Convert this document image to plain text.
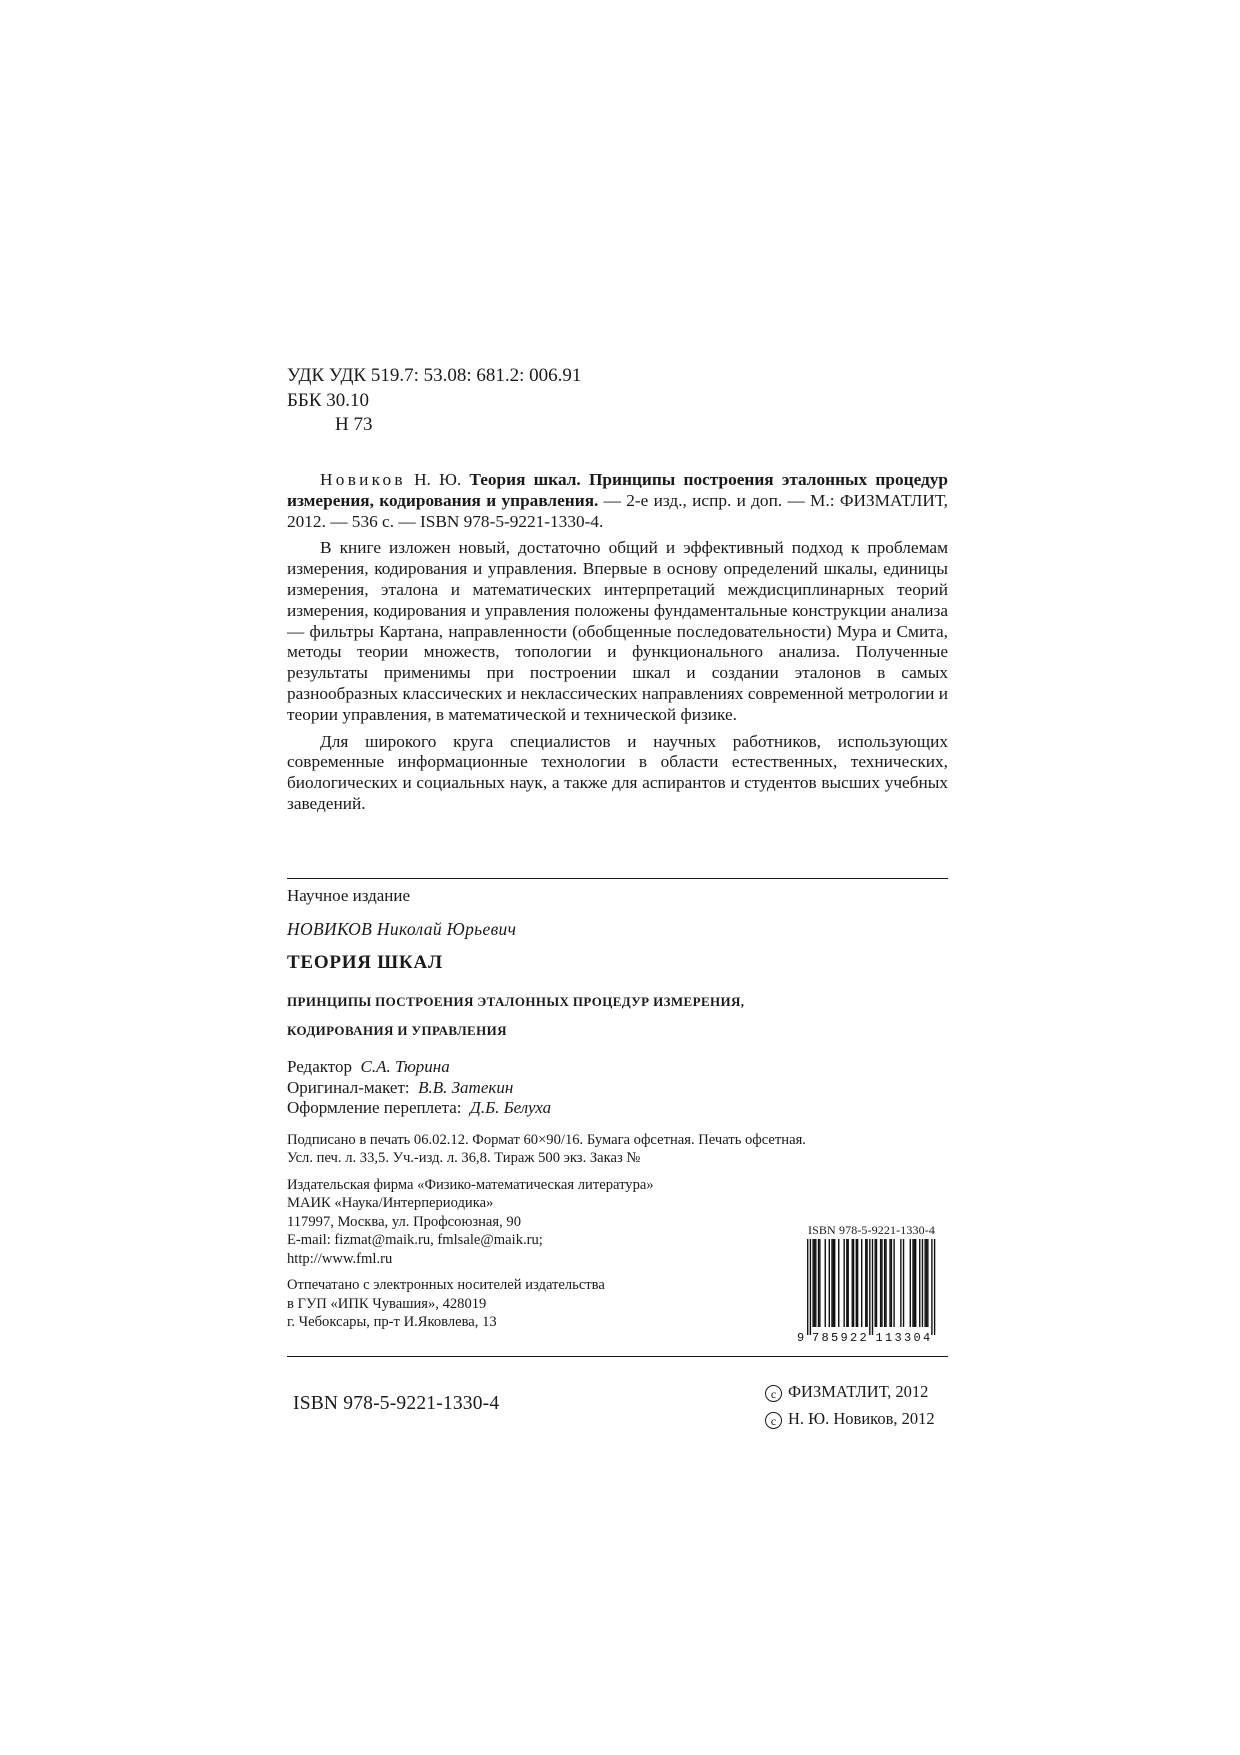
УДК УДК 519.7: 53.08: 681.2: 006.91
ББК 30.10
Н 73

Новиков Н. Ю. Теория шкал. Принципы построения эталонных процедур измерения, кодирования и управления. — 2-е изд., испр. и доп. — М.: ФИЗМАТЛИТ, 2012. — 536 с. — ISBN 978-5-9221-1330-4.

В книге изложен новый, достаточно общий и эффективный подход к проблемам измерения, кодирования и управления. Впервые в основу определений шкалы, единицы измерения, эталона и математических интерпретаций междисциплинарных теорий измерения, кодирования и управления положены фундаментальные конструкции анализа — фильтры Картана, направленности (обобщенные последовательности) Мура и Смита, методы теории множеств, топологии и функционального анализа. Полученные результаты применимы при построении шкал и создании эталонов в самых разнообразных классических и неклассических направлениях современной метрологии и теории управления, в математической и технической физике.

Для широкого круга специалистов и научных работников, использующих современные информационные технологии в области естественных, технических, биологических и социальных наук, а также для аспирантов и студентов высших учебных заведений.

Научное издание
НОВИКОВ Николай Юрьевич
ТЕОРИЯ ШКАЛ
ПРИНЦИПЫ ПОСТРОЕНИЯ ЭТАЛОННЫХ ПРОЦЕДУР ИЗМЕРЕНИЯ,
КОДИРОВАНИЯ И УПРАВЛЕНИЯ
Редактор С.А. Тюрина
Оригинал-макет: В.В. Затекин
Оформление переплета: Д.Б. Белуха
Подписано в печать 06.02.12. Формат 60×90/16. Бумага офсетная. Печать офсетная.
Усл. печ. л. 33,5. Уч.-изд. л. 36,8. Тираж 500 экз. Заказ №
Издательская фирма «Физико-математическая литература»
МАИК «Наука/Интерпериодика»
117997, Москва, ул. Профсоюзная, 90
E-mail: fizmat@maik.ru, fmlsale@maik.ru;
http://www.fml.ru
Отпечатано с электронных носителей издательства
в ГУП «ИПК Чувашия», 428019
г. Чебоксары, пр-т И.Яковлева, 13
ISBN 978-5-9221-1330-4
9 785922 113304
ISBN 978-5-9221-1330-4	c ФИЗМАТЛИТ, 2012
c Н. Ю. Новиков, 2012
